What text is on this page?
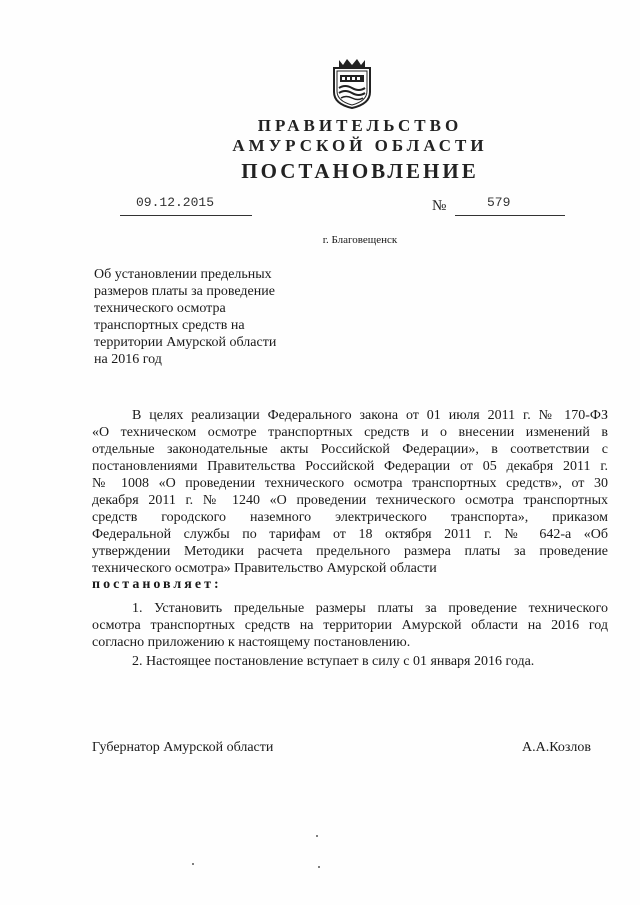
ПРАВИТЕЛЬСТВО
АМУРСКОЙ ОБЛАСТИ
ПОСТАНОВЛЕНИЕ
09.12.2015	№	579
г. Благовещенск
Об установлении предельных
размеров платы за проведение
технического осмотра
транспортных средств на
территории Амурской области
на 2016 год
В целях реализации Федерального закона от 01 июля 2011 г. № 170-ФЗ
«О техническом осмотре транспортных средств и о внесении изменений в
отдельные законодательные акты Российской Федерации», в соответствии с
постановлениями Правительства Российской Федерации от 05 декабря 2011 г.
№ 1008 «О проведении технического осмотра транспортных средств», от 30
декабря 2011 г. № 1240 «О проведении технического осмотра транспортных
средств городского наземного электрического транспорта», приказом
Федеральной службы по тарифам от 18 октября 2011 г. № 642-а «Об
утверждении Методики расчета предельного размера платы за проведение
технического осмотра» Правительство Амурской области
постановляет:
1. Установить предельные размеры платы за проведение технического
осмотра транспортных средств на территории Амурской области на 2016 год
согласно приложению к настоящему постановлению.
2. Настоящее постановление вступает в силу с 01 января 2016 года.
Губернатор Амурской области	А.А.Козлов
